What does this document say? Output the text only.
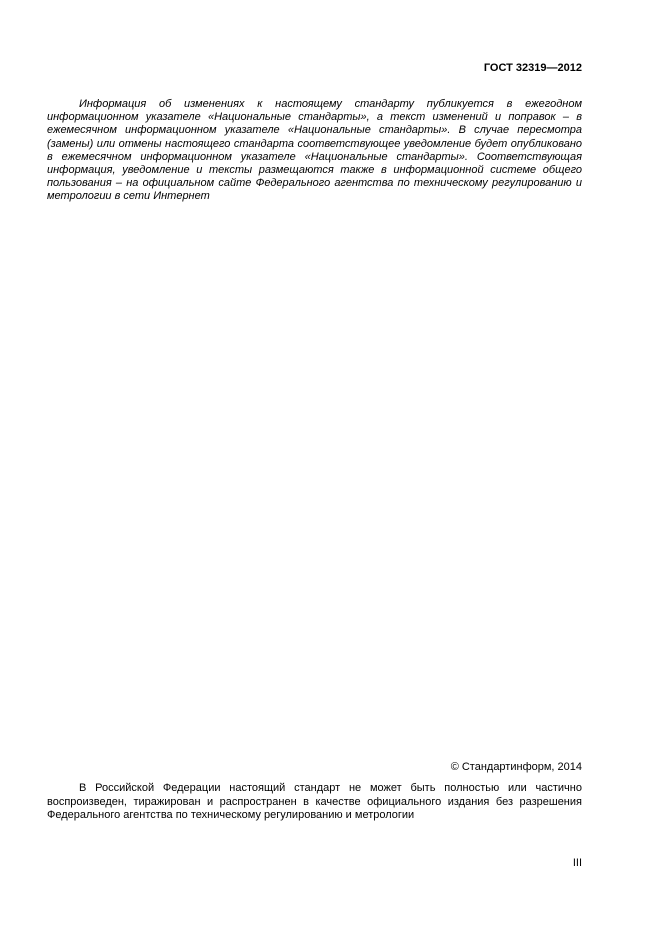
ГОСТ 32319—2012

Информация об изменениях к настоящему стандарту публикуется в ежегодном информационном указателе «Национальные стандарты», а текст изменений и поправок – в ежемесячном информационном указателе «Национальные стандарты». В случае пересмотра (замены) или отмены настоящего стандарта соответствующее уведомление будет опубликовано в ежемесячном информационном указателе «Национальные стандарты». Соответствующая информация, уведомление и тексты размещаются также в информационной системе общего пользования – на официальном сайте Федерального агентства по техническому регулированию и метрологии в сети Интернет

© Стандартинформ, 2014

В Российской Федерации настоящий стандарт не может быть полностью или частично воспроизведен, тиражирован и распространен в качестве официального издания без разрешения Федерального агентства по техническому регулированию и метрологии

III
